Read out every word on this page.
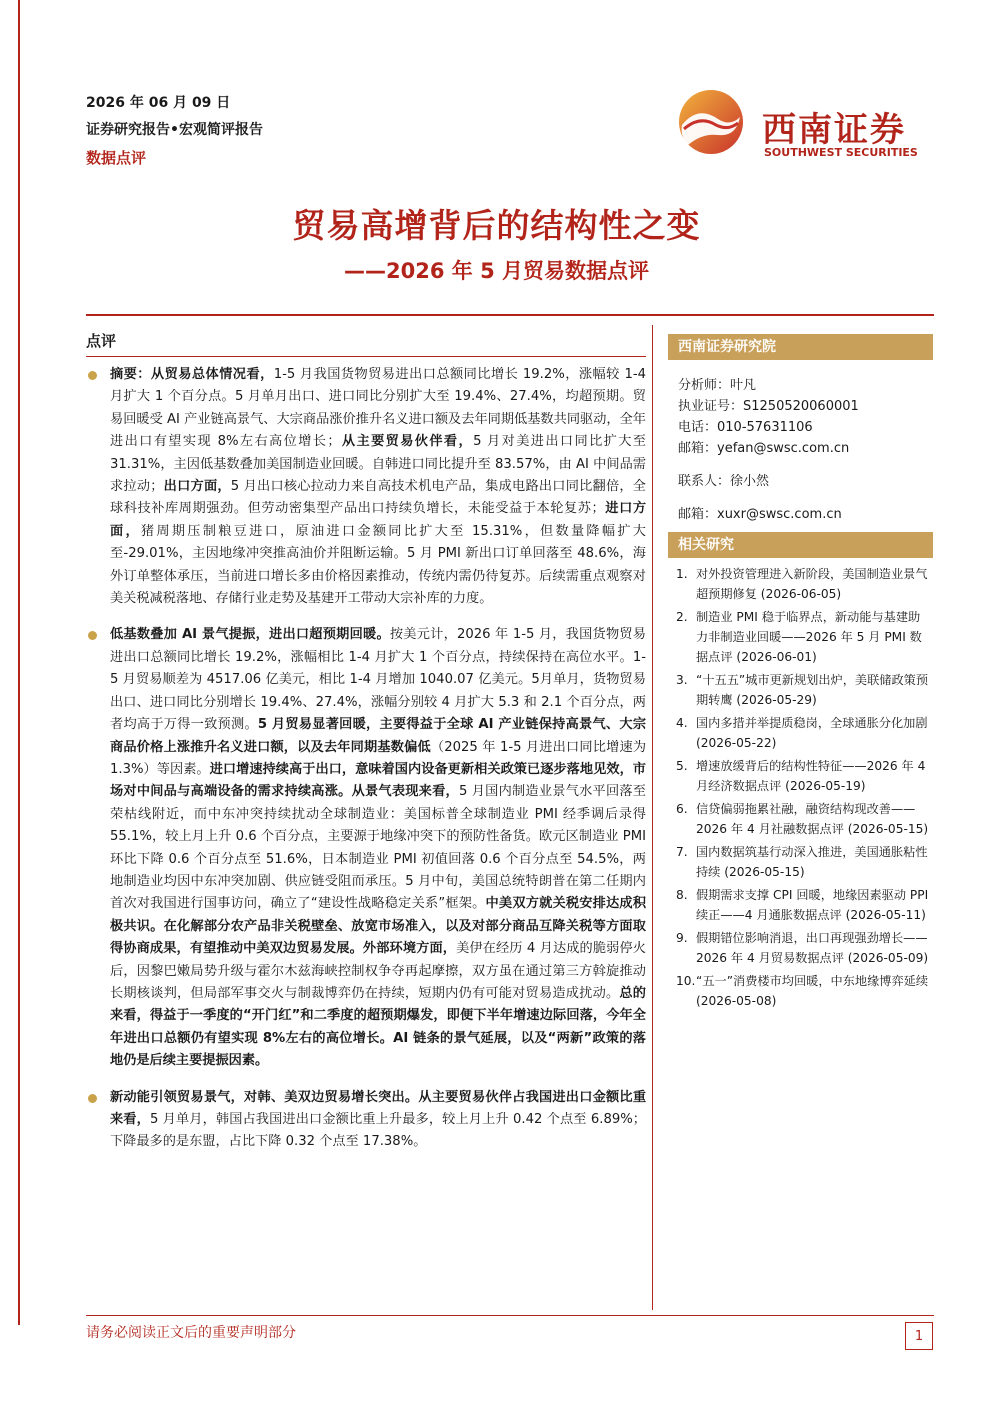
2026 年 06 月 09 日
证券研究报告•宏观简评报告
数据点评
西南证券
SOUTHWEST SECURITIES
贸易高增背后的结构性之变
——2026 年 5 月贸易数据点评
点评
摘要：从贸易总体情况看，1-5 月我国货物贸易进出口总额同比增长 19.2%，涨幅较 1-4 月扩大 1 个百分点。5 月单月出口、进口同比分别扩大至 19.4%、27.4%，均超预期。贸易回暖受 AI 产业链高景气、大宗商品涨价推升名义进口额及去年同期低基数共同驱动，全年进出口有望实现 8%左右高位增长；从主要贸易伙伴看，5 月对美进出口同比扩大至 31.31%，主因低基数叠加美国制造业回暖。自韩进口同比提升至 83.57%，由 AI 中间品需求拉动；出口方面，5 月出口核心拉动力来自高技术机电产品，集成电路出口同比翻倍，全球科技补库周期强劲。但劳动密集型产品出口持续负增长，未能受益于本轮复苏；进口方面，猪周期压制粮豆进口，原油进口金额同比扩大至 15.31%，但数量降幅扩大至-29.01%，主因地缘冲突推高油价并阻断运输。5 月 PMI 新出口订单回落至 48.6%，海外订单整体承压，当前进口增长多由价格因素推动，传统内需仍待复苏。后续需重点观察对美关税减税落地、存储行业走势及基建开工带动大宗补库的力度。
低基数叠加 AI 景气提振，进出口超预期回暖。按美元计，2026 年 1-5 月，我国货物贸易进出口总额同比增长 19.2%，涨幅相比 1-4 月扩大 1 个百分点，持续保持在高位水平。1-5 月贸易顺差为 4517.06 亿美元，相比 1-4 月增加 1040.07 亿美元。5月单月，货物贸易出口、进口同比分别增长 19.4%、27.4%，涨幅分别较 4 月扩大 5.3 和 2.1 个百分点，两者均高于万得一致预测。5 月贸易显著回暖，主要得益于全球 AI 产业链保持高景气、大宗商品价格上涨推升名义进口额，以及去年同期基数偏低（2025 年 1-5 月进出口同比增速为 1.3%）等因素。进口增速持续高于出口，意味着国内设备更新相关政策已逐步落地见效，市场对中间品与高端设备的需求持续高涨。从景气表现来看，5 月国内制造业景气水平回落至荣枯线附近，而中东冲突持续扰动全球制造业：美国标普全球制造业 PMI 经季调后录得 55.1%，较上月上升 0.6 个百分点，主要源于地缘冲突下的预防性备货。欧元区制造业 PMI 环比下降 0.6 个百分点至 51.6%，日本制造业 PMI 初值回落 0.6 个百分点至 54.5%，两地制造业均因中东冲突加剧、供应链受阻而承压。5 月中旬，美国总统特朗普在第二任期内首次对我国进行国事访问，确立了“建设性战略稳定关系”框架。中美双方就关税安排达成积极共识。在化解部分农产品非关税壁垒、放宽市场准入，以及对部分商品互降关税等方面取得协商成果，有望推动中美双边贸易发展。外部环境方面，美伊在经历 4 月达成的脆弱停火后，因黎巴嫩局势升级与霍尔木兹海峡控制权争夺再起摩擦，双方虽在通过第三方斡旋推动长期核谈判，但局部军事交火与制裁博弈仍在持续，短期内仍有可能对贸易造成扰动。总的来看，得益于一季度的“开门红”和二季度的超预期爆发，即便下半年增速边际回落，今年全年进出口总额仍有望实现 8%左右的高位增长。AI 链条的景气延展，以及“两新”政策的落地仍是后续主要提振因素。
新动能引领贸易景气，对韩、美双边贸易增长突出。从主要贸易伙伴占我国进出口金额比重来看，5 月单月，韩国占我国进出口金额比重上升最多，较上月上升 0.42 个点至 6.89%；下降最多的是东盟，占比下降 0.32 个点至 17.38%。
西南证券研究院
分析师：叶凡
执业证号：S1250520060001
电话：010-57631106
邮箱：yefan@swsc.com.cn
联系人：徐小然
邮箱：xuxr@swsc.com.cn
相关研究
1. 对外投资管理进入新阶段，美国制造业景气超预期修复 (2026-06-05)
2. 制造业 PMI 稳于临界点，新动能与基建助力非制造业回暖——2026 年 5 月 PMI 数据点评 (2026-06-01)
3. “十五五”城市更新规划出炉，美联储政策预期转鹰 (2026-05-29)
4. 国内多措并举提质稳岗，全球通胀分化加剧 (2026-05-22)
5. 增速放缓背后的结构性特征——2026 年 4 月经济数据点评 (2026-05-19)
6. 信贷偏弱拖累社融，融资结构现改善——2026 年 4 月社融数据点评 (2026-05-15)
7. 国内数据筑基行动深入推进，美国通胀粘性持续 (2026-05-15)
8. 假期需求支撑 CPI 回暖，地缘因素驱动 PPI 续正——4 月通胀数据点评 (2026-05-11)
9. 假期错位影响消退，出口再现强劲增长——2026 年 4 月贸易数据点评 (2026-05-09)
10. “五一”消费楼市均回暖，中东地缘博弈延续 (2026-05-08)
请务必阅读正文后的重要声明部分	1
